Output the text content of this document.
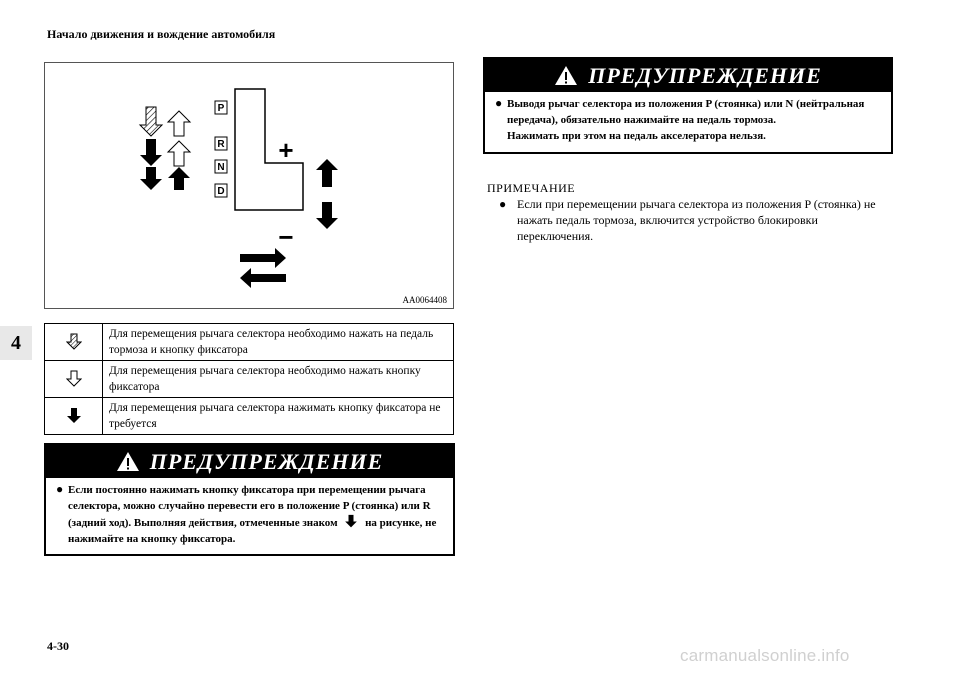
Начало движения и вождение автомобиля
4
4-30	carmanualsonline.info
P
R
N
D
+
−
AA0064408
Для перемещения рычага селектора необходимо нажать на педаль тормоза и кнопку фиксатора
Для перемещения рычага селектора необходимо нажать кнопку фиксатора
Для перемещения рычага селектора нажимать кнопку фиксатора не требуется
ПРЕДУПРЕЖДЕНИЕ
● Если постоянно нажимать кнопку фиксатора при перемещении рычага селектора, можно случайно перевести его в положение P (стоянка) или R (задний ход). Выполняя действия, отмеченные знаком	на рисунке, не нажимайте на кнопку фиксатора.
ПРЕДУПРЕЖДЕНИЕ
● Выводя рычаг селектора из положения P (стоянка) или N (нейтральная передача), обязательно нажимайте на педаль тормоза.
Нажимать при этом на педаль акселератора нельзя.
ПРИМЕЧАНИЕ
● Если при перемещении рычага селектора из положения P (стоянка) не нажать педаль тормоза, включится устройство блокировки переключения.
